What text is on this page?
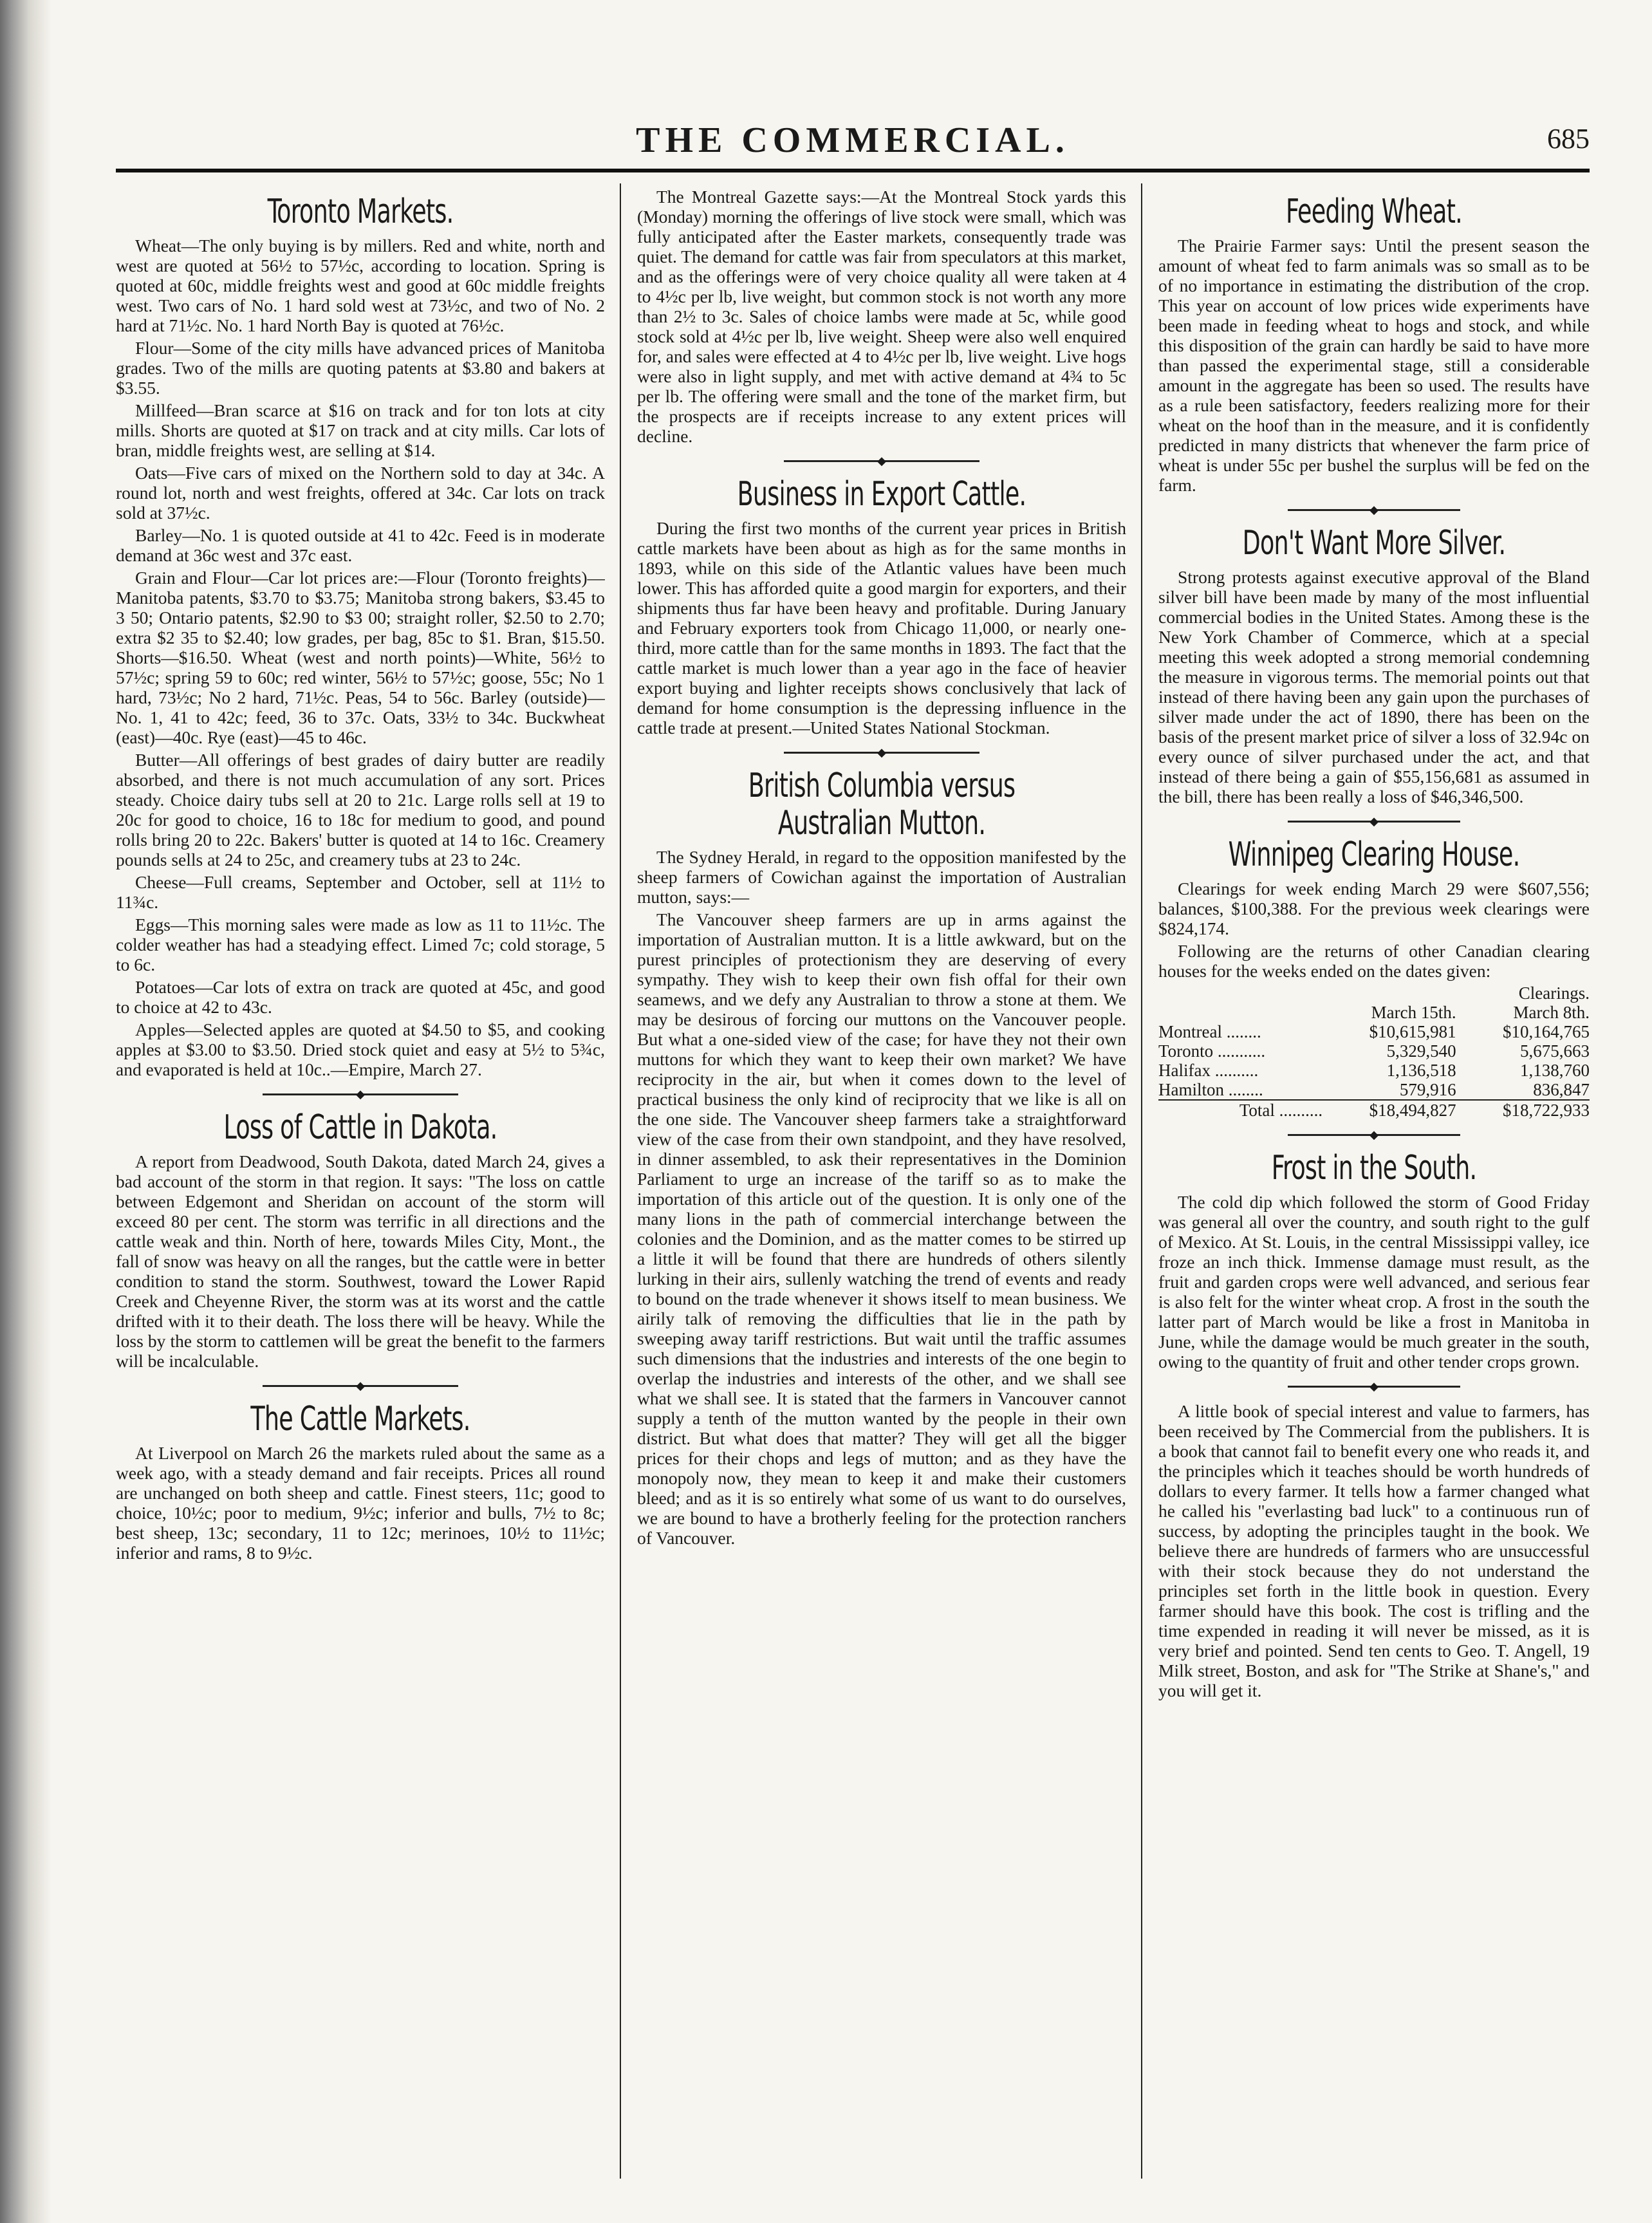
THE COMMERCIAL.	685
Toronto Markets.

Wheat—The only buying is by millers. Red and white, north and west are quoted at 56½ to 57½c, according to location. Spring is quoted at 60c, middle freights west and good at 60c middle freights west. Two cars of No. 1 hard sold west at 73½c, and two of No. 2 hard at 71½c. No. 1 hard North Bay is quoted at 76½c.

Flour—Some of the city mills have advanced prices of Manitoba grades. Two of the mills are quoting patents at $3.80 and bakers at $3.55.

Millfeed—Bran scarce at $16 on track and for ton lots at city mills. Shorts are quoted at $17 on track and at city mills. Car lots of bran, middle freights west, are selling at $14.

Oats—Five cars of mixed on the Northern sold to day at 34c. A round lot, north and west freights, offered at 34c. Car lots on track sold at 37½c.

Barley—No. 1 is quoted outside at 41 to 42c. Feed is in moderate demand at 36c west and 37c east.

Grain and Flour—Car lot prices are:—Flour (Toronto freights)—Manitoba patents, $3.70 to $3.75; Manitoba strong bakers, $3.45 to 3 50; Ontario patents, $2.90 to $3 00; straight roller, $2.50 to 2.70; extra $2 35 to $2.40; low grades, per bag, 85c to $1. Bran, $15.50. Shorts—$16.50. Wheat (west and north points)—White, 56½ to 57½c; spring 59 to 60c; red winter, 56½ to 57½c; goose, 55c; No 1 hard, 73½c; No 2 hard, 71½c. Peas, 54 to 56c. Barley (outside)—No. 1, 41 to 42c; feed, 36 to 37c. Oats, 33½ to 34c. Buckwheat (east)—40c. Rye (east)—45 to 46c.

Butter—All offerings of best grades of dairy butter are readily absorbed, and there is not much accumulation of any sort. Prices steady. Choice dairy tubs sell at 20 to 21c. Large rolls sell at 19 to 20c for good to choice, 16 to 18c for medium to good, and pound rolls bring 20 to 22c. Bakers' butter is quoted at 14 to 16c. Creamery pounds sells at 24 to 25c, and creamery tubs at 23 to 24c.

Cheese—Full creams, September and October, sell at 11½ to 11¾c.

Eggs—This morning sales were made as low as 11 to 11½c. The colder weather has had a steadying effect. Limed 7c; cold storage, 5 to 6c.

Potatoes—Car lots of extra on track are quoted at 45c, and good to choice at 42 to 43c.

Apples—Selected apples are quoted at $4.50 to $5, and cooking apples at $3.00 to $3.50. Dried stock quiet and easy at 5½ to 5¾c, and evaporated is held at 10c..—Empire, March 27.

◆
Loss of Cattle in Dakota.

A report from Deadwood, South Dakota, dated March 24, gives a bad account of the storm in that region. It says: "The loss on cattle between Edgemont and Sheridan on account of the storm will exceed 80 per cent. The storm was terrific in all directions and the cattle weak and thin. North of here, towards Miles City, Mont., the fall of snow was heavy on all the ranges, but the cattle were in better condition to stand the storm. Southwest, toward the Lower Rapid Creek and Cheyenne River, the storm was at its worst and the cattle drifted with it to their death. The loss there will be heavy. While the loss by the storm to cattlemen will be great the benefit to the farmers will be incalculable.

◆
The Cattle Markets.

At Liverpool on March 26 the markets ruled about the same as a week ago, with a steady demand and fair receipts. Prices all round are unchanged on both sheep and cattle. Finest steers, 11c; good to choice, 10½c; poor to medium, 9½c; inferior and bulls, 7½ to 8c; best sheep, 13c; secondary, 11 to 12c; merinoes, 10½ to 11½c; inferior and rams, 8 to 9½c.

The Montreal Gazette says:—At the Montreal Stock yards this (Monday) morning the offerings of live stock were small, which was fully anticipated after the Easter markets, consequently trade was quiet. The demand for cattle was fair from speculators at this market, and as the offerings were of very choice quality all were taken at 4 to 4½c per lb, live weight, but common stock is not worth any more than 2½ to 3c. Sales of choice lambs were made at 5c, while good stock sold at 4½c per lb, live weight. Sheep were also well enquired for, and sales were effected at 4 to 4½c per lb, live weight. Live hogs were also in light supply, and met with active demand at 4¾ to 5c per lb. The offering were small and the tone of the market firm, but the prospects are if receipts increase to any extent prices will decline.

◆
Business in Export Cattle.

During the first two months of the current year prices in British cattle markets have been about as high as for the same months in 1893, while on this side of the Atlantic values have been much lower. This has afforded quite a good margin for exporters, and their shipments thus far have been heavy and profitable. During January and February exporters took from Chicago 11,000, or nearly one-third, more cattle than for the same months in 1893. The fact that the cattle market is much lower than a year ago in the face of heavier export buying and lighter receipts shows conclusively that lack of demand for home consumption is the depressing influence in the cattle trade at present.—United States National Stockman.

◆
British Columbia versus Australian Mutton.

The Sydney Herald, in regard to the opposition manifested by the sheep farmers of Cowichan against the importation of Australian mutton, says:—

The Vancouver sheep farmers are up in arms against the importation of Australian mutton. It is a little awkward, but on the purest principles of protectionism they are deserving of every sympathy. They wish to keep their own fish offal for their own seamews, and we defy any Australian to throw a stone at them. We may be desirous of forcing our muttons on the Vancouver people. But what a one-sided view of the case; for have they not their own muttons for which they want to keep their own market? We have reciprocity in the air, but when it comes down to the level of practical business the only kind of reciprocity that we like is all on the one side. The Vancouver sheep farmers take a straightforward view of the case from their own standpoint, and they have resolved, in dinner assembled, to ask their representatives in the Dominion Parliament to urge an increase of the tariff so as to make the importation of this article out of the question. It is only one of the many lions in the path of commercial interchange between the colonies and the Dominion, and as the matter comes to be stirred up a little it will be found that there are hundreds of others silently lurking in their airs, sullenly watching the trend of events and ready to bound on the trade whenever it shows itself to mean business. We airily talk of removing the difficulties that lie in the path by sweeping away tariff restrictions. But wait until the traffic assumes such dimensions that the industries and interests of the one begin to overlap the industries and interests of the other, and we shall see what we shall see. It is stated that the farmers in Vancouver cannot supply a tenth of the mutton wanted by the people in their own district. But what does that matter? They will get all the bigger prices for their chops and legs of mutton; and as they have the monopoly now, they mean to keep it and make their customers bleed; and as it is so entirely what some of us want to do ourselves, we are bound to have a brotherly feeling for the protection ranchers of Vancouver.

Feeding Wheat.

The Prairie Farmer says: Until the present season the amount of wheat fed to farm animals was so small as to be of no importance in estimating the distribution of the crop. This year on account of low prices wide experiments have been made in feeding wheat to hogs and stock, and while this disposition of the grain can hardly be said to have more than passed the experimental stage, still a considerable amount in the aggregate has been so used. The results have as a rule been satisfactory, feeders realizing more for their wheat on the hoof than in the measure, and it is confidently predicted in many districts that whenever the farm price of wheat is under 55c per bushel the surplus will be fed on the farm.

◆
Don't Want More Silver.

Strong protests against executive approval of the Bland silver bill have been made by many of the most influential commercial bodies in the United States. Among these is the New York Chamber of Commerce, which at a special meeting this week adopted a strong memorial condemning the measure in vigorous terms. The memorial points out that instead of there having been any gain upon the purchases of silver made under the act of 1890, there has been on the basis of the present market price of silver a loss of 32.94c on every ounce of silver purchased under the act, and that instead of there being a gain of $55,156,681 as assumed in the bill, there has been really a loss of $46,346,500.

◆
Winnipeg Clearing House.

Clearings for week ending March 29 were $607,556; balances, $100,388. For the previous week clearings were $824,174.

Following are the returns of other Canadian clearing houses for the weeks ended on the dates given:

	Clearings.	
	March 15th.	March 8th.
Montreal ........	$10,615,981	$10,164,765
Toronto ...........	5,329,540	5,675,663
Halifax ..........	1,136,518	1,138,760
Hamilton ........	579,916	836,847
Total ..........	$18,494,827	$18,722,933
◆
Frost in the South.

The cold dip which followed the storm of Good Friday was general all over the country, and south right to the gulf of Mexico. At St. Louis, in the central Mississippi valley, ice froze an inch thick. Immense damage must result, as the fruit and garden crops were well advanced, and serious fear is also felt for the winter wheat crop. A frost in the south the latter part of March would be like a frost in Manitoba in June, while the damage would be much greater in the south, owing to the quantity of fruit and other tender crops grown.

◆

A little book of special interest and value to farmers, has been received by The Commercial from the publishers. It is a book that cannot fail to benefit every one who reads it, and the principles which it teaches should be worth hundreds of dollars to every farmer. It tells how a farmer changed what he called his "everlasting bad luck" to a continuous run of success, by adopting the principles taught in the book. We believe there are hundreds of farmers who are unsuccessful with their stock because they do not understand the principles set forth in the little book in question. Every farmer should have this book. The cost is trifling and the time expended in reading it will never be missed, as it is very brief and pointed. Send ten cents to Geo. T. Angell, 19 Milk street, Boston, and ask for "The Strike at Shane's," and you will get it.
